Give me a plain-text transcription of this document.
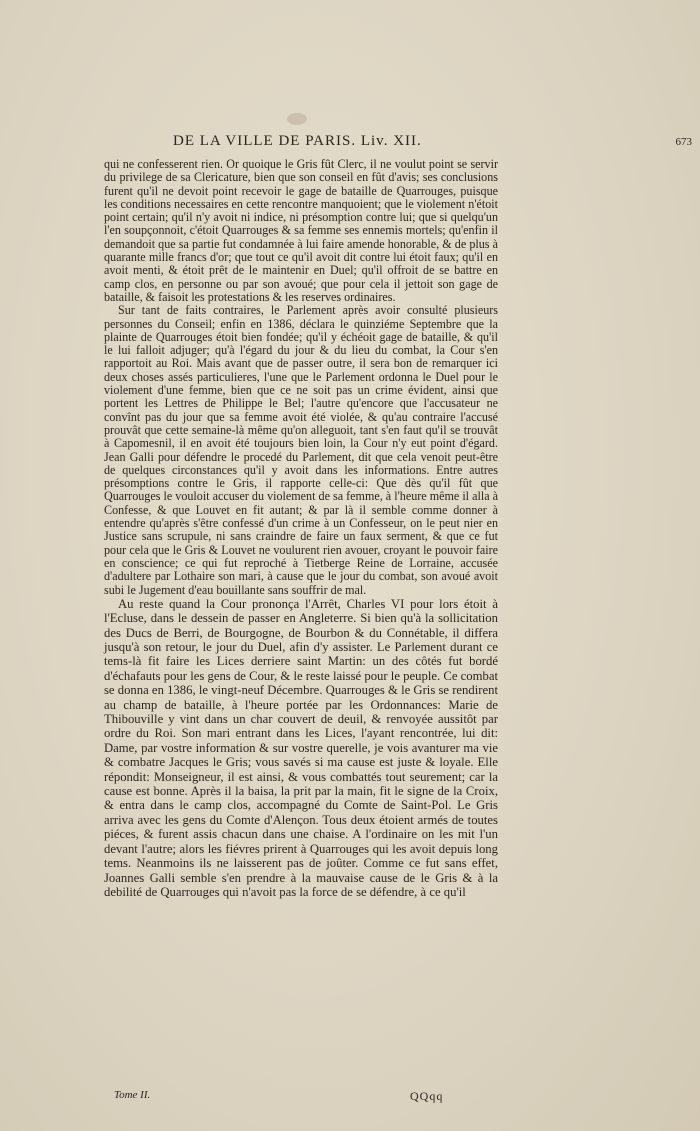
DE LA VILLE DE PARIS. Liv. XII.	673

qui ne confesserent rien. Or quoique le Gris fût Clerc, il ne voulut point se servir du privilege de sa Clericature, bien que son conseil en fût d'avis; ses conclusions furent qu'il ne devoit point recevoir le gage de bataille de Quarrouges, puisque les conditions necessaires en cette rencontre manquoient; que le violement n'étoit point certain; qu'il n'y avoit ni indice, ni présomption contre lui; que si quelqu'un l'en soupçonnoit, c'étoit Quarrouges & sa femme ses ennemis mortels; qu'enfin il demandoit que sa partie fut condamnée à lui faire amende honorable, & de plus à quarante mille francs d'or; que tout ce qu'il avoit dit contre lui étoit faux; qu'il en avoit menti, & étoit prêt de le maintenir en Duel; qu'il offroit de se battre en camp clos, en personne ou par son avoué; que pour cela il jettoit son gage de bataille, & faisoit les protestations & les reserves ordinaires.

Sur tant de faits contraires, le Parlement après avoir consulté plusieurs personnes du Conseil; enfin en 1386, déclara le quinziéme Septembre que la plainte de Quarrouges étoit bien fondée; qu'il y échéoit gage de bataille, & qu'il le lui falloit adjuger; qu'à l'égard du jour & du lieu du combat, la Cour s'en rapportoit au Roi. Mais avant que de passer outre, il sera bon de remarquer ici deux choses assés particulieres, l'une que le Parlement ordonna le Duel pour le violement d'une femme, bien que ce ne soit pas un crime évident, ainsi que portent les Lettres de Philippe le Bel; l'autre qu'encore que l'accusateur ne convînt pas du jour que sa femme avoit été violée, & qu'au contraire l'accusé prouvât que cette semaine-là même qu'on alleguoit, tant s'en faut qu'il se trouvât à Capomesnil, il en avoit été toujours bien loin, la Cour n'y eut point d'égard. Jean Galli pour défendre le procedé du Parlement, dit que cela venoit peut-être de quelques circonstances qu'il y avoit dans les informations. Entre autres présomptions contre le Gris, il rapporte celle-ci: Que dès qu'il fût que Quarrouges le vouloit accuser du violement de sa femme, à l'heure même il alla à Confesse, & que Louvet en fit autant; & par là il semble comme donner à entendre qu'après s'être confessé d'un crime à un Confesseur, on le peut nier en Justice sans scrupule, ni sans craindre de faire un faux serment, & que ce fut pour cela que le Gris & Louvet ne voulurent rien avouer, croyant le pouvoir faire en conscience; ce qui fut reproché à Tietberge Reine de Lorraine, accusée d'adultere par Lothaire son mari, à cause que le jour du combat, son avoué avoit subi le Jugement d'eau bouillante sans souffrir de mal.

Au reste quand la Cour prononça l'Arrêt, Charles VI pour lors étoit à l'Ecluse, dans le dessein de passer en Angleterre. Si bien qu'à la sollicitation des Ducs de Berri, de Bourgogne, de Bourbon & du Connétable, il differa jusqu'à son retour, le jour du Duel, afin d'y assister. Le Parlement durant ce tems-là fit faire les Lices derriere saint Martin: un des côtés fut bordé d'échafauts pour les gens de Cour, & le reste laissé pour le peuple. Ce combat se donna en 1386, le vingt-neuf Décembre. Quarrouges & le Gris se rendirent au champ de bataille, à l'heure portée par les Ordonnances: Marie de Thibouville y vint dans un char couvert de deuil, & renvoyée aussitôt par ordre du Roi. Son mari entrant dans les Lices, l'ayant rencontrée, lui dit: Dame, par vostre information & sur vostre querelle, je vois avanturer ma vie & combatre Jacques le Gris; vous savés si ma cause est juste & loyale. Elle répondit: Monseigneur, il est ainsi, & vous combattés tout seurement; car la cause est bonne. Après il la baisa, la prit par la main, fit le signe de la Croix, & entra dans le camp clos, accompagné du Comte de Saint-Pol. Le Gris arriva avec les gens du Comte d'Alençon. Tous deux étoient armés de toutes piéces, & furent assis chacun dans une chaise. A l'ordinaire on les mit l'un devant l'autre; alors les fiévres prirent à Quarrouges qui les avoit depuis long tems. Neanmoins ils ne laisserent pas de joûter. Comme ce fut sans effet, Joannes Galli semble s'en prendre à la mauvaise cause de le Gris & à la debilité de Quarrouges qui n'avoit pas la force de se défendre, à ce qu'il

Tome II.	QQqq
